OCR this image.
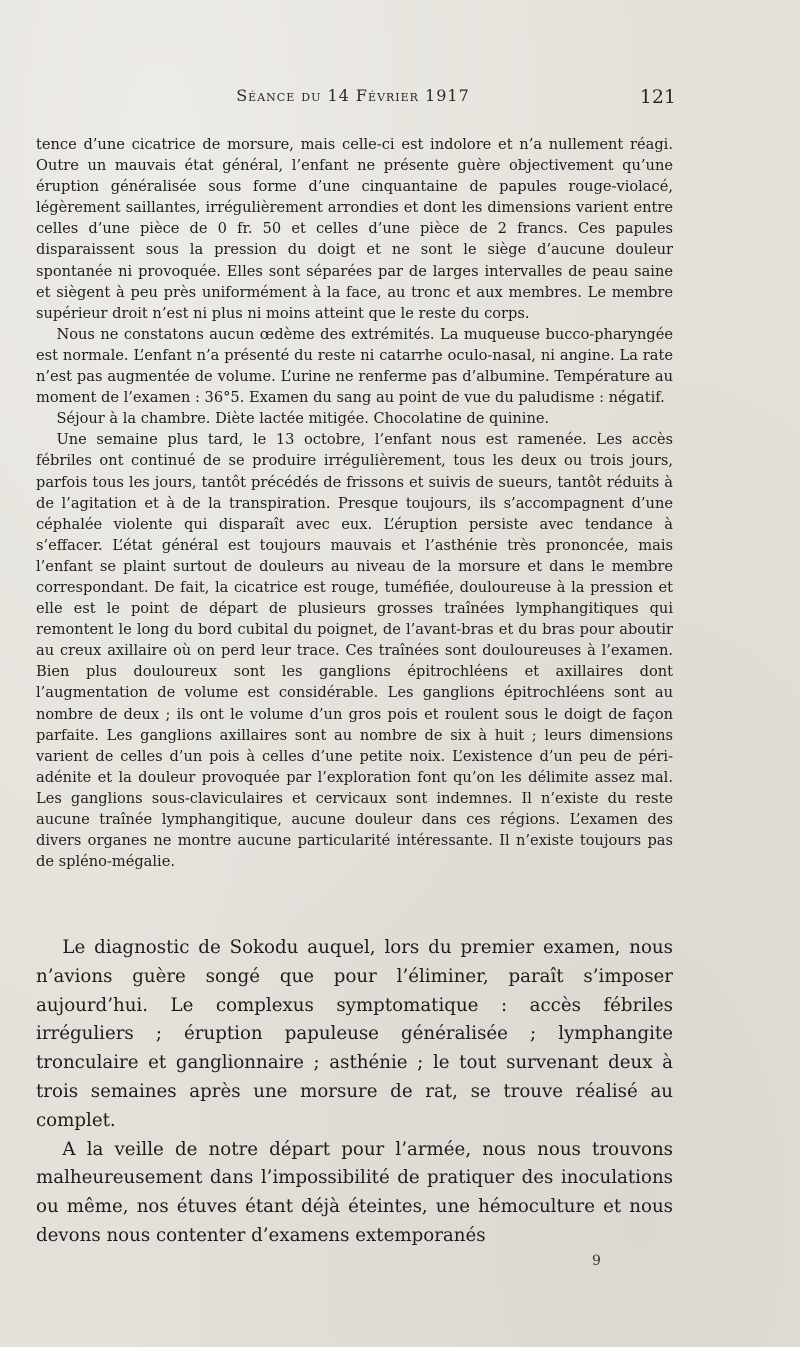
Séance du 14 Février 1917	121

tence d’une cicatrice de morsure, mais celle-ci est indolore et n’a nullement réagi. Outre un mauvais état général, l’enfant ne présente guère objectivement qu’une éruption généralisée sous forme d’une cinquantaine de papules rouge-violacé, légèrement saillantes, irrégulièrement arrondies et dont les dimensions varient entre celles d’une pièce de 0 fr. 50 et celles d’une pièce de 2 francs. Ces papules disparaissent sous la pression du doigt et ne sont le siège d’aucune douleur spontanée ni provoquée. Elles sont séparées par de larges intervalles de peau saine et siègent à peu près uniformément à la face, au tronc et aux membres. Le membre supérieur droit n’est ni plus ni moins atteint que le reste du corps.

Nous ne constatons aucun œdème des extrémités. La muqueuse bucco-pharyngée est normale. L’enfant n’a présenté du reste ni catarrhe oculo-nasal, ni angine. La rate n’est pas augmentée de volume. L’urine ne renferme pas d’albumine. Température au moment de l’examen : 36°5. Examen du sang au point de vue du paludisme : négatif.

Séjour à la chambre. Diète lactée mitigée. Chocolatine de quinine.

Une semaine plus tard, le 13 octobre, l’enfant nous est ramenée. Les accès fébriles ont continué de se produire irrégulièrement, tous les deux ou trois jours, parfois tous les jours, tantôt précédés de frissons et suivis de sueurs, tantôt réduits à de l’agitation et à de la transpiration. Presque toujours, ils s’accompagnent d’une céphalée violente qui disparaît avec eux. L’éruption persiste avec tendance à s’effacer. L’état général est toujours mauvais et l’asthénie très prononcée, mais l’enfant se plaint surtout de douleurs au niveau de la morsure et dans le membre correspondant. De fait, la cicatrice est rouge, tuméfiée, douloureuse à la pression et elle est le point de départ de plusieurs grosses traînées lymphangitiques qui remontent le long du bord cubital du poignet, de l’avant-bras et du bras pour aboutir au creux axillaire où on perd leur trace. Ces traînées sont douloureuses à l’examen. Bien plus douloureux sont les ganglions épitrochléens et axillaires dont l’augmentation de volume est considérable. Les ganglions épitrochléens sont au nombre de deux ; ils ont le volume d’un gros pois et roulent sous le doigt de façon parfaite. Les ganglions axillaires sont au nombre de six à huit ; leurs dimensions varient de celles d’un pois à celles d’une petite noix. L’existence d’un peu de péri-adénite et la douleur provoquée par l’exploration font qu’on les délimite assez mal. Les ganglions sous-claviculaires et cervicaux sont indemnes. Il n’existe du reste aucune traînée lymphangitique, aucune douleur dans ces régions. L’examen des divers organes ne montre aucune particularité intéressante. Il n’existe toujours pas de spléno-mégalie.

Le diagnostic de Sokodu auquel, lors du premier examen, nous n’avions guère songé que pour l’éliminer, paraît s’imposer aujourd’hui. Le complexus symptomatique : accès fébriles irréguliers ; éruption papuleuse généralisée ; lymphangite tronculaire et ganglionnaire ; asthénie ; le tout survenant deux à trois semaines après une morsure de rat, se trouve réalisé au complet.

A la veille de notre départ pour l’armée, nous nous trouvons malheureusement dans l’impossibilité de pratiquer des inoculations ou même, nos étuves étant déjà éteintes, une hémoculture et nous devons nous contenter d’examens extemporanés

9
